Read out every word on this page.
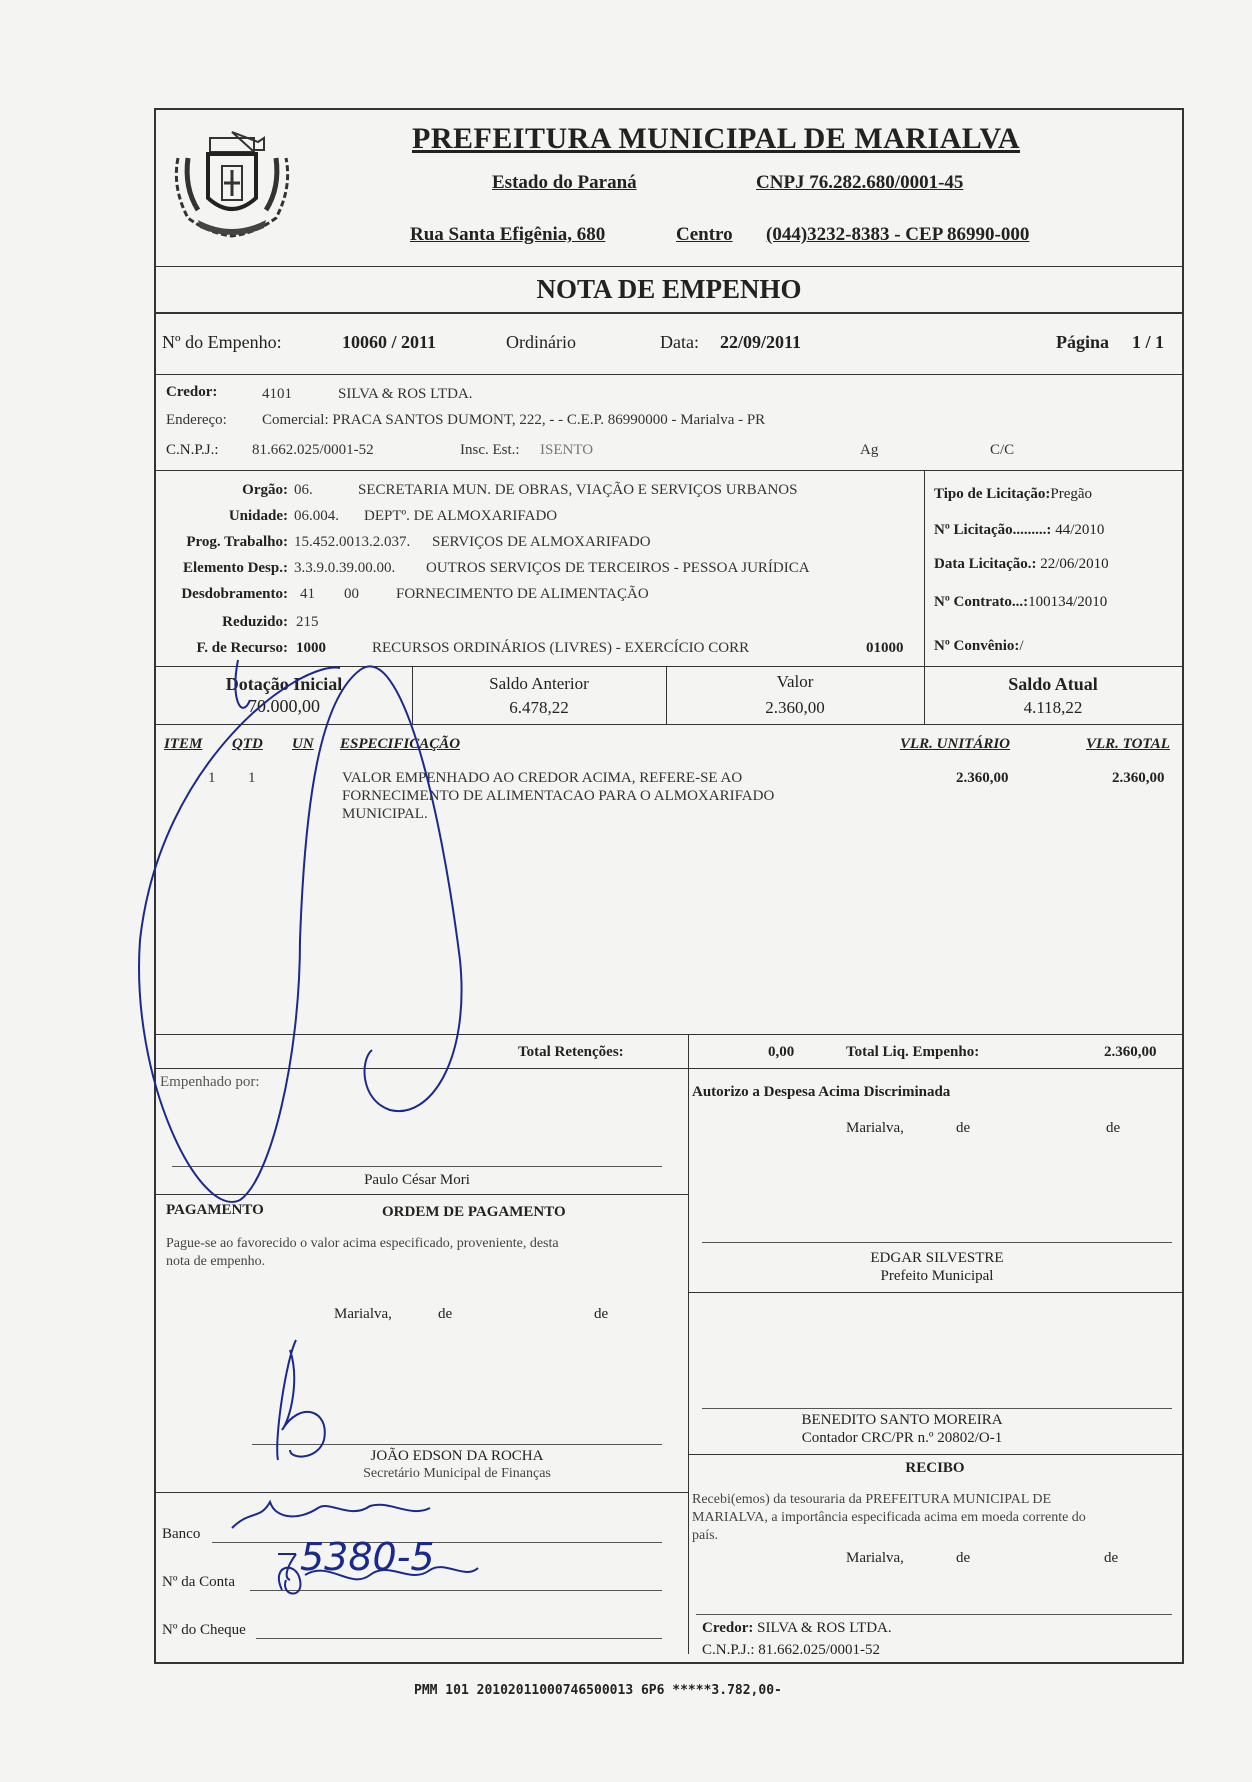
PREFEITURA MUNICIPAL DE MARIALVA
Estado do Paraná	CNPJ 76.282.680/0001-45
Rua Santa Efigênia, 680	Centro (044)3232-8383 - CEP 86990-000
NOTA DE EMPENHO
Nº do Empenho:	10060 / 2011	Ordinário	Data: 22/09/2011	Página 1 / 1
Credor:	4101	SILVA & ROS LTDA.
Endereço: Comercial: PRACA SANTOS DUMONT, 222, - - C.E.P. 86990000 - Marialva - PR
C.N.P.J.: 81.662.025/0001-52	Insc. Est.: ISENTO	Ag	C/C
Orgão: 06.	SECRETARIA MUN. DE OBRAS, VIAÇÃO E SERVIÇOS URBANOS
Unidade: 06.004. DEPTº. DE ALMOXARIFADO
Prog. Trabalho: 15.452.0013.2.037. SERVIÇOS DE ALMOXARIFADO
Elemento Desp.: 3.3.9.0.39.00.00. OUTROS SERVIÇOS DE TERCEIROS - PESSOA JURÍDICA
Desdobramento: 41 00 FORNECIMENTO DE ALIMENTAÇÃO
Reduzido: 215
F. de Recurso: 1000	RECURSOS ORDINÁRIOS (LIVRES) - EXERCÍCIO CORR	01000
Tipo de Licitação:Pregão
Nº Licitação.........: 44/2010
Data Licitação.: 22/06/2010
Nº Contrato...:100134/2010
Nº Convênio:/
Dotação Inicial
70.000,00
Saldo Anterior
6.478,22
Valor
2.360,00
Saldo Atual
4.118,22
ITEM QTD UN ESPECIFICAÇÃO	VLR. UNITÁRIO	VLR. TOTAL
1 1	VALOR EMPENHADO AO CREDOR ACIMA, REFERE-SE AO
FORNECIMENTO DE ALIMENTACAO PARA O ALMOXARIFADO
MUNICIPAL.
2.360,00	2.360,00
Total Retenções:	0,00	Total Liq. Empenho:	2.360,00
Empenhado por:
Paulo César Mori
PAGAMENTO	ORDEM DE PAGAMENTO
Pague-se ao favorecido o valor acima especificado, proveniente, desta
nota de empenho.
Marialva,	de	de
JOÃO EDSON DA ROCHA
Secretário Municipal de Finanças
Banco
Nº da Conta
Nº do Cheque
Autorizo a Despesa Acima Discriminada
Marialva,	de	de
EDGAR SILVESTRE
Prefeito Municipal
BENEDITO SANTO MOREIRA
Contador CRC/PR n.º 20802/O-1
RECIBO
Recebi(emos) da tesouraria da PREFEITURA MUNICIPAL DE
MARIALVA, a importância especificada acima em moeda corrente do
país.
Marialva,	de	de
Credor: SILVA & ROS LTDA.
C.N.P.J.: 81.662.025/0001-52
5380-5
PMM 101 20102011000746500013 6P6 *****3.782,00-
